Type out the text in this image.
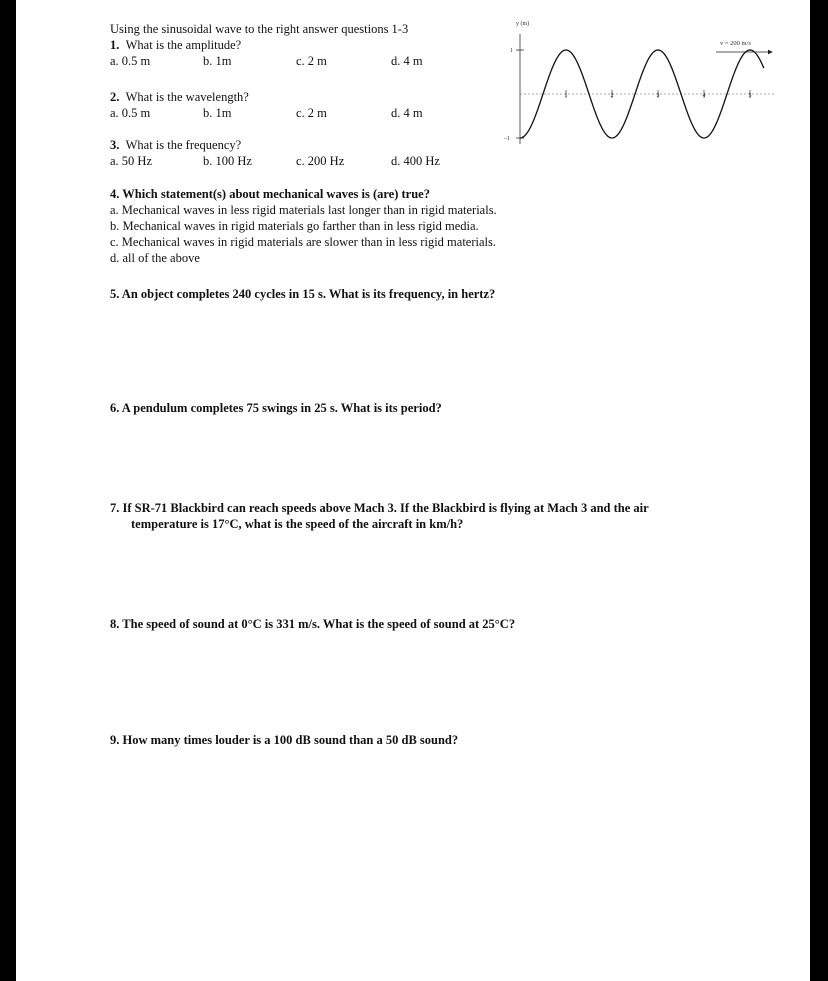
Using the sinusoidal wave to the right answer questions 1-3
1. What is the amplitude?
a. 0.5 m	b. 1m	c. 2 m	d. 4 m
2. What is the wavelength?
a. 0.5 m	b. 1m	c. 2 m	d. 4 m
3. What is the frequency?
a. 50 Hz	b. 100 Hz	c. 200 Hz	d. 400 Hz
4. Which statement(s) about mechanical waves is (are) true?
a. Mechanical waves in less rigid materials last longer than in rigid materials.
b. Mechanical waves in rigid materials go farther than in less rigid media.
c. Mechanical waves in rigid materials are slower than in less rigid materials.
d. all of the above
5. An object completes 240 cycles in 15 s. What is its frequency, in hertz?
6. A pendulum completes 75 swings in 25 s. What is its period?
7. If SR-71 Blackbird can reach speeds above Mach 3. If the Blackbird is flying at Mach 3 and the air
temperature is 17°C, what is the speed of the aircraft in km/h?
8. The speed of sound at 0°C is 331 m/s. What is the speed of sound at 25°C?
9. How many times louder is a 100 dB sound than a 50 dB sound?
y (m)
1
–1
1	2	3	4	5
v = 200 m/s
